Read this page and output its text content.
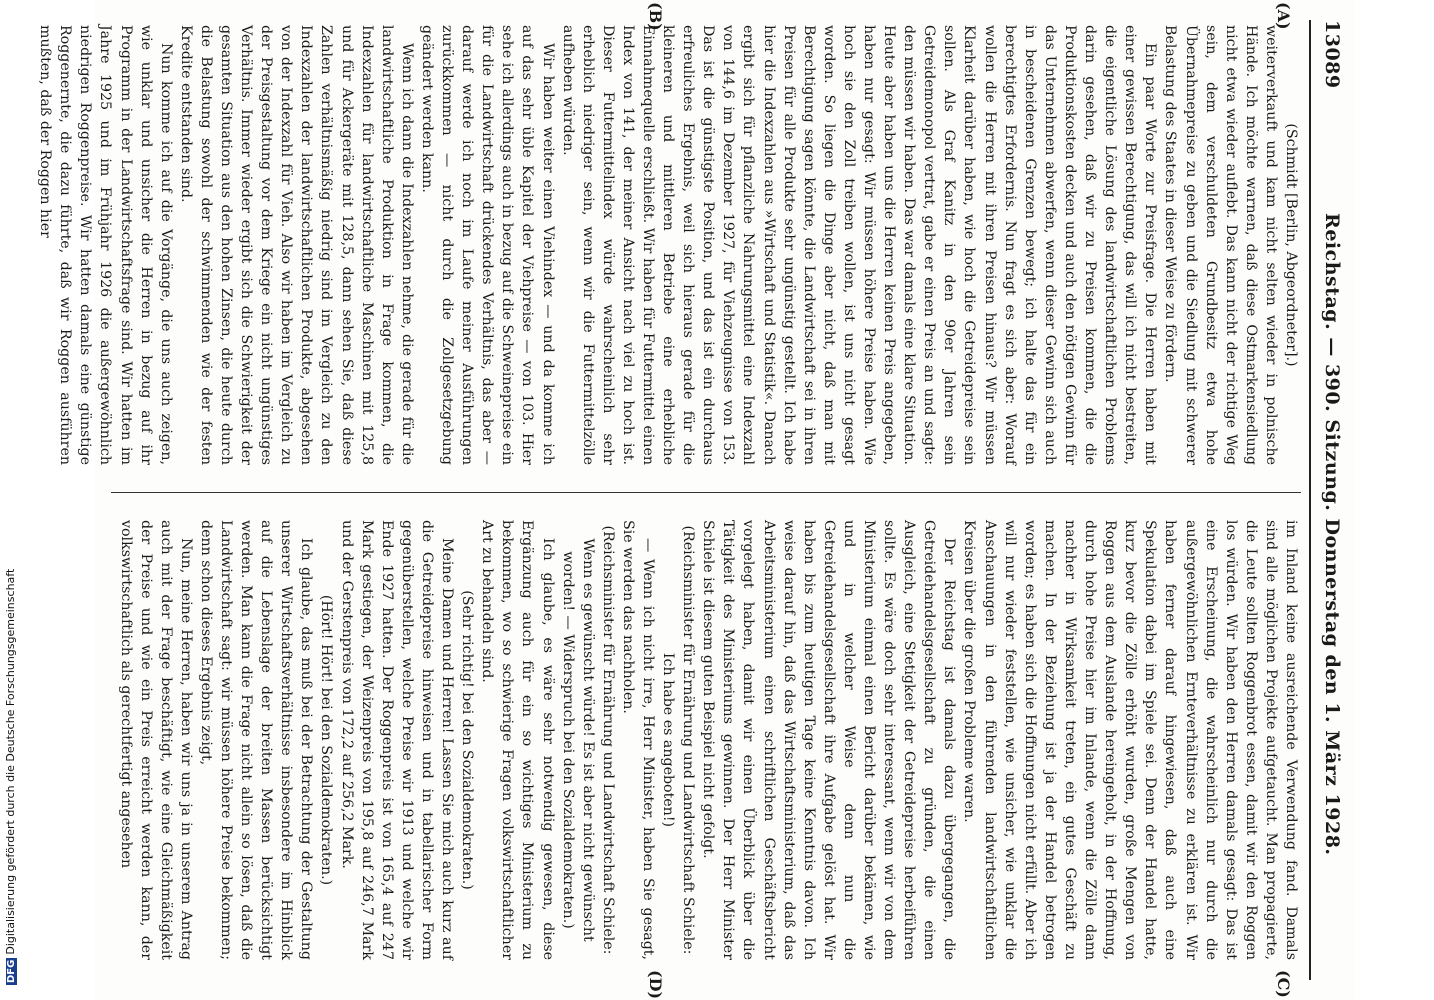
DFGDigitalisierung gefördert durch die Deutsche Forschungsgemeinschaft
13089
Reichstag. — 390. Sitzung. Donnerstag den 1. März 1928.
(A)
(B)
(C)
(D)

(Schmidt [Berlin, Abgeordneter].)

weiterverkauft und kam nicht selten wieder in polnische Hände. Ich möchte warnen, daß diese Ostmarkensiedlung nicht etwa wieder auflebt. Das kann nicht der richtige Weg sein, dem verschuldeten Grundbesitz etwa hohe Übernahmepreise zu geben und die Siedlung mit schwerer Belastung des Staates in dieser Weise zu fördern.

Ein paar Worte zur Preisfrage. Die Herren haben mit einer gewissen Berechtigung, das will ich nicht bestreiten, die eigentliche Lösung des landwirtschaftlichen Problems darin gesehen, daß wir zu Preisen kommen, die die Produktionskosten decken und auch den nötigen Gewinn für das Unternehmen abwerfen, wenn dieser Gewinn sich auch in bescheidenen Grenzen bewegt; ich halte das für ein berechtigtes Erfordernis. Nun fragt es sich aber: Worauf wollen die Herren mit ihren Preisen hinaus? Wir müssen Klarheit darüber haben, wie hoch die Getreidepreise sein sollen. Als Graf Kanitz in den 90er Jahren sein Getreidemonopol vertrat, gabe er einen Preis an und sagte: den müssen wir haben. Das war damals eine klare Situation. Heute aber haben uns die Herren keinen Preis angegeben, haben nur gesagt: Wir müssen höhere Preise haben. Wie hoch sie den Zoll treiben wollen, ist uns nicht gesagt worden. So liegen die Dinge aber nicht, daß man mit Berechtigung sagen könnte, die Landwirtschaft sei in ihren Preisen für alle Produkte sehr ungünstig gestellt. Ich habe hier die Indexzahlen aus »Wirtschaft und Statistik«. Danach ergibt sich für pflanzliche Nahrungsmittel eine Indexzahl von 144,6 im Dezember 1927, für Viehzeugnisse von 153. Das ist die günstigste Position, und das ist ein durchaus erfreuliches Ergebnis, weil sich hieraus gerade für die kleineren und mittleren Betriebe eine erhebliche Einnahmequelle erschließt. Wir haben für Futtermittel einen Index von 141, der meiner Ansicht nach viel zu hoch ist. Dieser Futtermittelindex würde wahrscheinlich sehr erheblich niedriger sein, wenn wir die Futtermittelzölle aufheben würden.

Wir haben weiter einen Viehindex — und da komme ich auf das sehr üble Kapitel der Viehpreise — von 103. Hier sehe ich allerdings auch in bezug auf die Schweinepreise ein für die Landwirtschaft drückendes Verhältnis, das aber — darauf werde ich noch im Laufe meiner Ausführungen zurückkommen — nicht durch die Zollgesetzgebung geändert werden kann.

Wenn ich dann die Indexzahlen nehme, die gerade für die landwirtschaftliche Produktion in Frage kommen, die Indexzahlen für landwirtschaftliche Maschinen mit 125,8 und für Ackergeräte mit 128,5, dann sehen Sie, daß diese Zahlen verhältnismäßig niedrig sind im Vergleich zu den Indexzahlen der landwirtschaftlichen Produkte, abgesehen von der Indexzahl für Vieh. Also wir haben im Vergleich zu der Preisgestaltung vor dem Kriege ein nicht ungünstiges Verhältnis. Immer wieder ergibt sich die Schwierigkeit der gesamten Situation aus den hohen Zinsen, die heute durch die Belastung sowohl der schwimmenden wie der festen Kredite entstanden sind.

Nun komme ich auf die Vorgänge, die uns auch zeigen, wie unklar und unsicher die Herren in bezug auf ihr Programm in der Landwirtschaftsfrage sind. Wir hatten im Jahre 1925 und im Frühjahr 1926 die außergewöhnlich niedrigen Roggenpreise. Wir hatten damals eine günstige Roggenernte, die dazu führte, daß wir Roggen ausführen mußten, daß der Roggen hier

im Inland keine ausreichende Verwendung fand. Damals sind alle möglichen Projekte aufgetaucht. Man propagierte, die Leute sollten Roggenbrot essen, damit wir den Roggen los würden. Wir haben den Herren damals gesagt: Das ist eine Erscheinung, die wahrscheinlich nur durch die außergewöhnlichen Ernteverhältnisse zu erklären ist. Wir haben ferner darauf hingewiesen, daß auch eine Spekulation dabei im Spiele sei. Denn der Handel hatte, kurz bevor die Zölle erhöht wurden, große Mengen von Roggen aus dem Auslande hereingeholt, in der Hoffnung, durch hohe Preise hier im Inlande, wenn die Zölle dann nachher in Wirksamkeit treten, ein gutes Geschäft zu machen. In der Beziehung ist ja der Handel betrogen worden; es haben sich die Hoffnungen nicht erfüllt. Aber ich will nur wieder feststellen, wie unsicher, wie unklar die Anschauungen in den führenden landwirtschaftlichen Kreisen über die großen Probleme waren.

Der Reichstag ist damals dazu übergegangen, die Getreidehandelsgesellschaft zu gründen, die einen Ausgleich, eine Stetigkeit der Getreidepreise herbeiführen sollte. Es wäre doch sehr interessant, wenn wir von dem Ministerium einmal einen Bericht darüber bekämen, wie und in welcher Weise denn nun die Getreidehandelsgesellschaft ihre Aufgabe gelöst hat. Wir haben bis zum heutigen Tage keine Kenntnis davon. Ich weise darauf hin, daß das Wirtschaftsministerium, daß das Arbeitsministerium einen schriftlichen Geschäftsbericht vorgelegt haben, damit wir einen Überblick über die Tätigkeit des Ministeriums gewinnen. Der Herr Minister Schiele ist diesem guten Beispiel nicht gefolgt.

(Reichsminister für Ernährung und Landwirtschaft Schiele: Ich habe es angeboten!)

— Wenn ich nicht irre, Herr Minister, haben Sie gesagt, Sie werden das nachholen.

(Reichsminister für Ernährung und Landwirtschaft Schiele: Wenn es gewünscht würde! Es ist aber nicht gewünscht worden! — Widerspruch bei den Sozialdemokraten.)

Ich glaube, es wäre sehr notwendig gewesen, diese Ergänzung auch für ein so wichtiges Ministerium zu bekommen, wo so schwierige Fragen volkswirtschaftlicher Art zu behandeln sind.

(Sehr richtig! bei den Sozialdemokraten.)

Meine Damen und Herren! Lassen Sie mich auch kurz auf die Getreidepreise hinweisen und in tabellarischer Form gegenüberstellen, welche Preise wir 1913 und welche wir Ende 1927 hatten. Der Roggenpreis ist von 165,4 auf 247 Mark gestiegen, der Weizenpreis von 195,8 auf 246,7 Mark und der Gerstenpreis von 172,2 auf 256,2 Mark.

(Hört! Hört! bei den Sozialdemokraten.)

Ich glaube, das muß bei der Betrachtung der Gestaltung unserer Wirtschaftsverhältnisse insbesondere im Hinblick auf die Lebenslage der breiten Massen berücksichtigt werden. Man kann die Frage nicht allein so lösen, daß die Landwirtschaft sagt: wir müssen höhere Preise bekommen; denn schon dieses Ergebnis zeigt,

Nun, meine Herren, haben wir uns ja in unserem Antrag auch mit der Frage beschäftigt, wie eine Gleichmäßigkeit der Preise und wie ein Preis erreicht werden kann, der volkswirtschaftlich als gerechtfertigt angesehen
